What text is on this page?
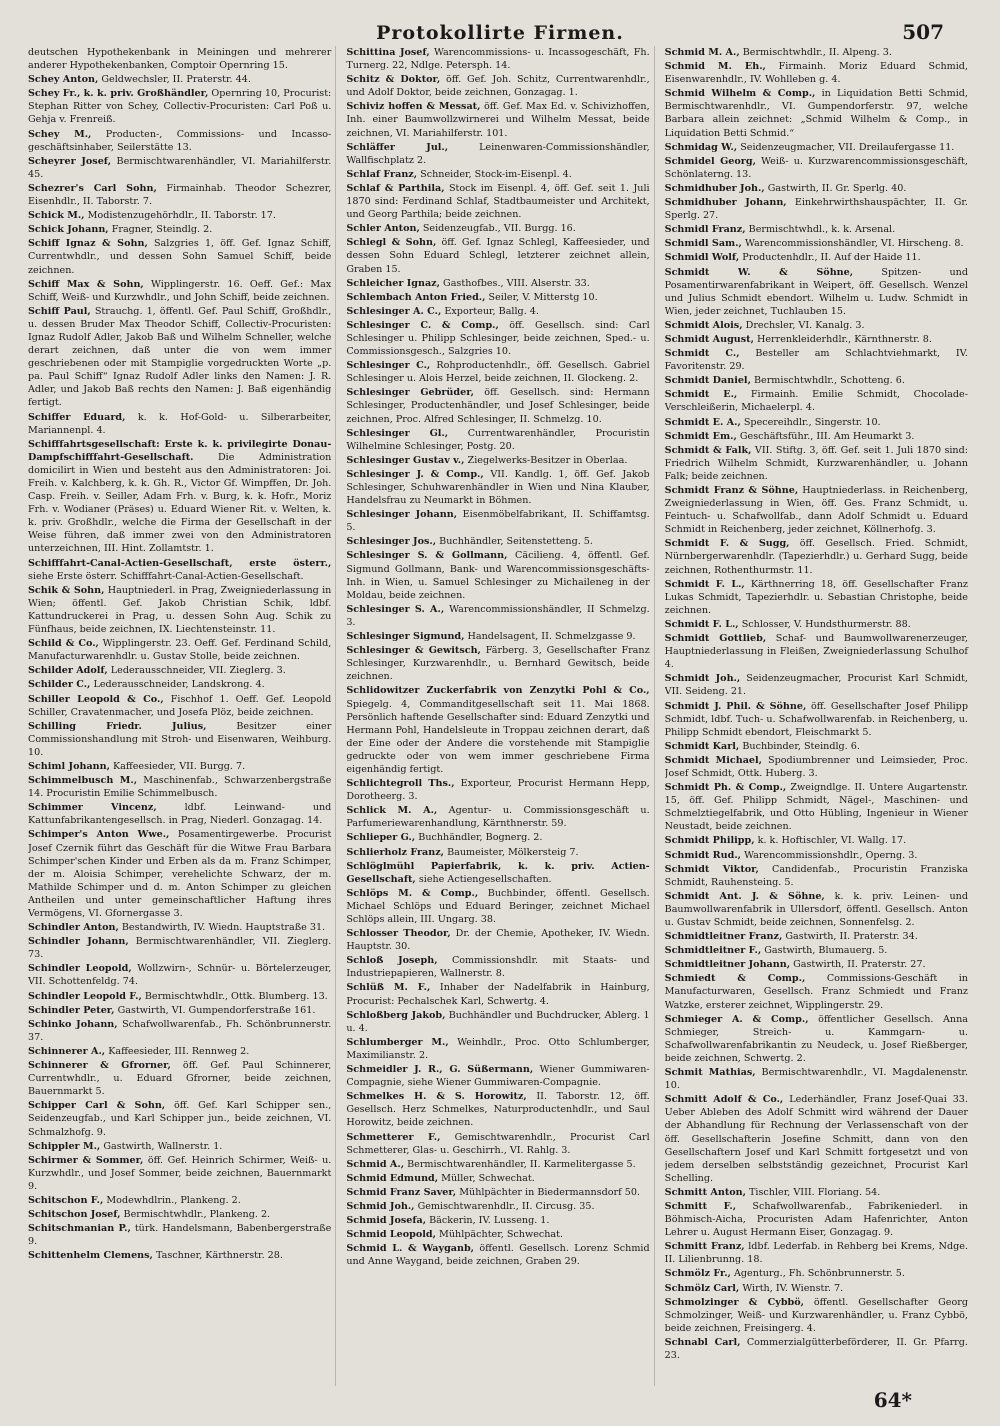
Protokollirte Firmen.	507

deutschen Hypothekenbank in Meiningen und mehrerer anderer Hypothekenbanken, Comptoir Opernring 15.

Schey Anton, Geldwechsler, II. Praterstr. 44.

Schey Fr., k. k. priv. Großhändler, Opernring 10, Procurist: Stephan Ritter von Schey, Collectiv-Procuristen: Carl Poß u. Gehja v. Frenreiß.

Schey M., Producten-, Commissions- und Incasso-geschäftsinhaber, Seilerstätte 13.

Scheyrer Josef, Bermischtwarenhändler, VI. Mariahilferstr. 45.

Schezrer's Carl Sohn, Firmainhab. Theodor Schezrer, Eisenhdlr., II. Taborstr. 7.

Schick M., Modistenzugehörhdlr., II. Taborstr. 17.

Schick Johann, Fragner, Steindlg. 2.

Schiff Ignaz & Sohn, Salzgries 1, öff. Gef. Ignaz Schiff, Currentwhdlr., und dessen Sohn Samuel Schiff, beide zeichnen.

Schiff Max & Sohn, Wipplingerstr. 16. Oeff. Gef.: Max Schiff, Weiß- und Kurzwhdlr., und John Schiff, beide zeichnen.

Schiff Paul, Strauchg. 1, öffentl. Gef. Paul Schiff, Großhdlr., u. dessen Bruder Max Theodor Schiff, Collectiv-Procuristen: Ignaz Rudolf Adler, Jakob Baß und Wilhelm Schneller, welche derart zeichnen, daß unter die von wem immer geschriebenen oder mit Stampiglie vorgedruckten Worte „p. pa. Paul Schiff“ Ignaz Rudolf Adler links den Namen: J. R. Adler, und Jakob Baß rechts den Namen: J. Baß eigenhändig fertigt.

Schiffer Eduard, k. k. Hof-Gold- u. Silberarbeiter, Mariannenpl. 4.

Schifffahrtsgesellschaft: Erste k. k. privilegirte Donau-Dampfschifffahrt-Gesellschaft.	Die Administration domicilirt in Wien und besteht aus den Administratoren: Joi. Freih. v. Kalchberg, k. k. Gh. R., Victor Gf. Wimpffen, Dr. Joh. Casp. Freih. v. Seiller, Adam Frh. v. Burg, k. k. Hofr., Moriz Frh. v. Wodianer (Präses) u. Eduard Wiener Rit. v. Welten, k. k. priv. Großhdlr., welche die Firma der Gesellschaft in der Weise führen, daß immer zwei von den Administratoren unterzeichnen, III. Hint. Zollamtstr. 1.

Schifffahrt-Canal-Actien-Gesellschaft, erste österr., siehe Erste österr. Schifffahrt-Canal-Actien-Gesellschaft.

Schik & Sohn, Hauptniederl. in Prag, Zweigniederlassung in Wien; öffentl. Gef. Jakob Christian Schik, ldbf. Kattundruckerei in Prag, u. dessen Sohn Aug. Schik zu Fünfhaus, beide zeichnen, IX. Liechtensteinstr. 11.

Schild & Co., Wipplingerstr. 23. Oeff. Gef. Ferdinand Schild, Manufacturwarenhdlr. u. Gustav Stolle, beide zeichnen.

Schilder Adolf, Lederausschneider, VII. Zieglerg. 3.

Schilder C., Lederausschneider, Landskrong. 4.

Schiller Leopold & Co., Fischhof 1. Oeff. Gef. Leopold Schiller, Cravatenmacher, und Josefa Plöz, beide zeichnen.

Schilling Friedr. Julius,	Besitzer einer Commissionshandlung mit Stroh- und Eisenwaren, Weihburg. 10.

Schiml Johann, Kaffeesieder, VII. Burgg. 7.

Schimmelbusch M., Maschinenfab., Schwarzenbergstraße 14. Procuristin Emilie Schimmelbusch.

Schimmer Vincenz,	ldbf. Leinwand- und Kattunfabrikantengesellsch. in Prag, Niederl. Gonzagag. 14.

Schimper's Anton Wwe., Posamentirgewerbe. Procurist Josef Czernik führt das Geschäft für die Witwe Frau Barbara Schimper'schen Kinder und Erben als da m. Franz Schimper, der m. Aloisia Schimper, verehelichte Schwarz, der m. Mathilde Schimper und d. m. Anton Schimper zu gleichen Antheilen und unter gemeinschaftlicher Haftung ihres Vermögens, VI. Gfornergasse 3.

Schindler Anton, Bestandwirth, IV. Wiedn. Hauptstraße 31.

Schindler Johann, Bermischtwarenhändler, VII. Zieglerg. 73.

Schindler Leopold, Wollzwirn-, Schnür- u. Börtelerzeuger, VII. Schottenfeldg. 74.

Schindler Leopold F., Bermischtwhdlr., Ottk. Blumberg. 13.

Schindler Peter, Gastwirth, VI. Gumpendorferstraße 161.

Schinko Johann, Schafwollwarenfab., Fh. Schönbrunnerstr. 37.

Schinnerer A., Kaffeesieder, III. Rennweg 2.

Schinnerer & Gfrorner, öff. Gef. Paul Schinnerer, Currentwhdlr., u. Eduard Gfrorner, beide zeichnen, Bauernmarkt 5.

Schipper Carl & Sohn, öff. Gef. Karl Schipper sen., Seidenzeugfab., und Karl Schipper jun., beide zeichnen, VI. Schmalzhofg. 9.

Schippler M., Gastwirth, Wallnerstr. 1.

Schirmer & Sommer, öff. Gef. Heinrich Schirmer, Weiß- u. Kurzwhdlr., und Josef Sommer, beide zeichnen, Bauernmarkt 9.

Schitschon F., Modewhdlrin., Plankeng. 2.

Schitschon Josef, Bermischtwhdlr., Plankeng. 2.

Schitschmanian P., türk. Handelsmann, Babenbergerstraße 9.

Schittenhelm Clemens, Taschner, Kärthnerstr. 28.

Schittina Josef, Warencommissions- u. Incassogeschäft, Fh. Turnerg. 22, Ndlge. Petersph. 14.

Schitz & Doktor, öff. Gef. Joh. Schitz, Currentwarenhdlr., und Adolf Doktor, beide zeichnen, Gonzagag. 1.

Schiviz hoffen & Messat, öff. Gef. Max Ed. v. Schivizhoffen, Inh. einer Baumwollzwirnerei und Wilhelm Messat, beide zeichnen, VI. Mariahilferstr. 101.

Schläffer Jul.,	Leinenwaren-Commissionshändler, Wallfischplatz 2.

Schlaf Franz, Schneider, Stock-im-Eisenpl. 4.

Schlaf & Parthila, Stock im Eisenpl. 4, öff. Gef. seit 1. Juli 1870 sind: Ferdinand Schlaf, Stadtbaumeister und Architekt, und Georg Parthila; beide zeichnen.

Schler Anton, Seidenzeugfab., VII. Burgg. 16.

Schlegl & Sohn, öff. Gef. Ignaz Schlegl, Kaffeesieder, und dessen Sohn Eduard Schlegl, letzterer zeichnet allein, Graben 15.

Schleicher Ignaz, Gasthofbes., VIII. Alserstr. 33.

Schlembach Anton Fried., Seiler, V. Mitterstg 10.

Schlesinger A. C., Exporteur, Ballg. 4.

Schlesinger C. & Comp., öff. Gesellsch. sind: Carl Schlesinger u. Philipp Schlesinger, beide zeichnen, Sped.- u. Commissionsgesch., Salzgries 10.

Schlesinger C., Rohproductenhdlr., öff. Gesellsch. Gabriel Schlesinger u. Alois Herzel, beide zeichnen, II. Glockeng. 2.

Schlesinger Gebrüder, öff. Gesellsch. sind: Hermann Schlesinger, Productenhändler, und Josef Schlesinger, beide zeichnen, Proc. Alfred Schlesinger, II. Schmelzg. 10.

Schlesinger Gl., Currentwarenhändler, Procuristin Wilhelmine Schlesinger, Postg. 20.

Schlesinger Gustav v., Ziegelwerks-Besitzer in Oberlaa.

Schlesinger J. & Comp., VII. Kandlg. 1, öff. Gef. Jakob Schlesinger, Schuhwarenhändler in Wien und Nina Klauber, Handelsfrau zu Neumarkt in Böhmen.

Schlesinger Johann, Eisenmöbelfabrikant, II. Schiffamtsg. 5.

Schlesinger Jos., Buchhändler, Seitenstetteng. 5.

Schlesinger S. & Gollmann, Cäcilieng. 4, öffentl. Gef. Sigmund Gollmann, Bank- und Warencommissionsgeschäfts-Inh. in Wien, u. Samuel Schlesinger zu Michaileneg in der Moldau, beide zeichnen.

Schlesinger S. A., Warencommissionshändler, II Schmelzg. 3.

Schlesinger Sigmund, Handelsagent, II. Schmelzgasse 9.

Schlesinger & Gewitsch, Färberg. 3, Gesellschafter Franz Schlesinger, Kurzwarenhdlr., u. Bernhard Gewitsch, beide zeichnen.

Schlidowitzer Zuckerfabrik von Zenzytki Pohl & Co., Spiegelg. 4, Commanditgesellschaft seit 11. Mai 1868. Persönlich haftende Gesellschafter sind: Eduard Zenzytki und Hermann Pohl, Handelsleute in Troppau zeichnen derart, daß der Eine oder der Andere die vorstehende mit Stampiglie gedruckte oder von wem immer geschriebene Firma eigenhändig fertigt.

Schlichtegroll Ths., Exporteur, Procurist Hermann Hepp, Dorotheerg. 3.

Schlick M. A., Agentur- u. Commissionsgeschäft u. Parfumeriewarenhandlung, Kärnthnerstr. 59.

Schlieper G., Buchhändler, Bognerg. 2.

Schlierholz Franz, Baumeister, Mölkersteig 7.

Schlöglmühl Papierfabrik, k. k. priv. Actien-Gesellschaft, siehe Actiengesellschaften.

Schlöps M. & Comp., Buchbinder, öffentl. Gesellsch. Michael Schlöps und Eduard Beringer, zeichnet Michael Schlöps allein, III. Ungarg. 38.

Schlosser Theodor, Dr. der Chemie, Apotheker, IV. Wiedn. Hauptstr. 30.

Schloß Joseph, Commissionshdlr. mit Staats- und Industriepapieren, Wallnerstr. 8.

Schlüß M. F., Inhaber der Nadelfabrik in Hainburg, Procurist: Pechalschek Karl, Schwertg. 4.

Schloßberg Jakob, Buchhändler und Buchdrucker, Ablerg. 1 u. 4.

Schlumberger M., Weinhdlr., Proc. Otto Schlumberger, Maximilianstr. 2.

Schmeidler J. R., G. Süßermann, Wiener Gummiwaren-Compagnie, siehe Wiener Gummiwaren-Compagnie.

Schmelkes H. & S. Horowitz, II. Taborstr. 12, öff. Gesellsch. Herz Schmelkes, Naturproductenhdlr., und Saul Horowitz, beide zeichnen.

Schmetterer F., Gemischtwarenhdlr., Procurist Carl Schmetterer, Glas- u. Geschirrh., VI. Rahlg. 3.

Schmid A., Bermischtwarenhändler, II. Karmelitergasse 5.

Schmid Edmund, Müller, Schwechat.

Schmid Franz Saver, Mühlpächter in Biedermannsdorf 50.

Schmid Joh., Gemischtwarenhdlr., II. Circusg. 35.

Schmid Josefa, Bäckerin, IV. Lusseng. 1.

Schmid Leopold, Mühlpächter, Schwechat.

Schmid L. & Wayganb, öffentl. Gesellsch. Lorenz Schmid und Anne Waygand, beide zeichnen, Graben 29.

Schmid M. A., Bermischtwhdlr., II. Alpeng. 3.

Schmid M. Eh., Firmainh. Moriz Eduard Schmid, Eisenwarenhdlr., IV. Wohlleben g. 4.

Schmid Wilhelm & Comp., in Liquidation Betti Schmid, Bermischtwarenhdlr., VI. Gumpendorferstr. 97, welche Barbara allein zeichnet: „Schmid Wilhelm & Comp., in Liquidation Betti Schmid.“

Schmidag W., Seidenzeugmacher, VII. Dreilaufergasse 11.

Schmidel Georg, Weiß- u. Kurzwarencommissionsgeschäft, Schönlaterng. 13.

Schmidhuber Joh., Gastwirth, II. Gr. Sperlg. 40.

Schmidhuber Johann, Einkehrwirthshauspächter, II. Gr. Sperlg. 27.

Schmidl Franz, Bermischtwhdl., k. k. Arsenal.

Schmidl Sam., Warencommissionshändler, VI. Hirscheng. 8.

Schmidl Wolf, Productenhdlr., II. Auf der Haide 11.

Schmidt W. & Söhne,	Spitzen- und Posamentirwarenfabrikant in Weipert, öff. Gesellsch. Wenzel und Julius Schmidt ebendort. Wilhelm u. Ludw. Schmidt in Wien, jeder zeichnet, Tuchlauben 15.

Schmidt Alois, Drechsler, VI. Kanalg. 3.

Schmidt August, Herrenkleiderhdlr., Kärnthnerstr. 8.

Schmidt C., Besteller am Schlachtviehmarkt, IV. Favoritenstr. 29.

Schmidt Daniel, Bermischtwhdlr., Schotteng. 6.

Schmidt E., Firmainh. Emilie Schmidt, Chocolade-Verschleißerin, Michaelerpl. 4.

Schmidt E. A., Specereihdlr., Singerstr. 10.

Schmidt Em., Geschäftsführ., III. Am Heumarkt 3.

Schmidt & Falk, VII. Stiftg. 3, öff. Gef. seit 1. Juli 1870 sind: Friedrich Wilhelm Schmidt, Kurzwarenhändler, u. Johann Falk; beide zeichnen.

Schmidt Franz & Söhne, Hauptniederlass. in Reichenberg, Zweigniederlassung in Wien, öff. Ges. Franz Schmidt, u. Feintuch- u. Schafwollfab., dann Adolf Schmidt u. Eduard Schmidt in Reichenberg, jeder zeichnet, Köllnerhofg. 3.

Schmidt F. & Sugg, öff. Gesellsch. Fried. Schmidt, Nürnbergerwarenhdlr. (Tapezierhdlr.) u. Gerhard Sugg, beide zeichnen, Rothenthurmstr. 11.

Schmidt F. L., Kärthnerring 18, öff. Gesellschafter Franz Lukas Schmidt, Tapezierhdlr. u. Sebastian Christophe, beide zeichnen.

Schmidt F. L., Schlosser, V. Hundsthurmerstr. 88.

Schmidt Gottlieb, Schaf- und Baumwollwarenerzeuger, Hauptniederlassung in Fleißen, Zweigniederlassung Schulhof 4.

Schmidt Joh., Seidenzeugmacher, Procurist Karl Schmidt, VII. Seideng. 21.

Schmidt J. Phil. & Söhne, öff. Gesellschafter Josef Philipp Schmidt, ldbf. Tuch- u. Schafwollwarenfab. in Reichenberg, u. Philipp Schmidt ebendort, Fleischmarkt 5.

Schmidt Karl, Buchbinder, Steindlg. 6.

Schmidt Michael, Spodiumbrenner und Leimsieder, Proc. Josef Schmidt, Ottk. Huberg. 3.

Schmidt Ph. & Comp., Zweigndlge. II. Untere Augartenstr. 15, öff. Gef. Philipp Schmidt, Nägel-, Maschinen- und Schmelztiegelfabrik, und Otto Hübling, Ingenieur in Wiener Neustadt, beide zeichnen.

Schmidt Philipp, k. k. Hoftischler, VI. Wallg. 17.

Schmidt Rud., Warencommissionshdlr., Operng. 3.

Schmidt Viktor, Candidenfab., Procuristin Franziska Schmidt, Rauhensteing. 5.

Schmidt Ant. J. & Söhne, k. k. priv. Leinen- und Baumwollwarenfabrik in Ullersdorf, öffentl. Gesellsch. Anton u. Gustav Schmidt, beide zeichnen, Sonnenfelsg. 2.

Schmidtleitner Franz, Gastwirth, II. Praterstr. 34.

Schmidtleitner F., Gastwirth, Blumauerg. 5.

Schmidtleitner Johann, Gastwirth, II. Praterstr. 27.

Schmiedt & Comp., Commissions-Geschäft in Manufacturwaren, Gesellsch. Franz Schmiedt und Franz Watzke, ersterer zeichnet, Wipplingerstr. 29.

Schmieger A. & Comp., öffentlicher Gesellsch. Anna Schmieger, Streich- u. Kammgarn- u. Schafwollwarenfabrikantin zu Neudeck, u. Josef Rießberger, beide zeichnen, Schwertg. 2.

Schmit Mathias, Bermischtwarenhdlr., VI. Magdalenenstr. 10.

Schmitt Adolf & Co., Lederhändler, Franz Josef-Quai 33. Ueber Ableben des Adolf Schmitt wird während der Dauer der Abhandlung für Rechnung der Verlassenschaft von der öff. Gesellschafterin Josefine Schmitt, dann von den Gesellschaftern Josef und Karl Schmitt fortgesetzt und von jedem derselben selbstständig gezeichnet, Procurist Karl Schelling.

Schmitt Anton, Tischler, VIII. Floriang. 54.

Schmitt F., Schafwollwarenfab., Fabrikeniederl. in Böhmisch-Aicha, Procuristen Adam Hafenrichter, Anton Lehrer u. August Hermann Eiser, Gonzagag. 9.

Schmitt Franz, ldbf. Lederfab. in Rehberg bei Krems, Ndge. II. Lilienbrunng. 18.

Schmölz Fr., Agenturg., Fh. Schönbrunnerstr. 5.

Schmölz Carl, Wirth, IV. Wienstr. 7.

Schmolzinger & Cybbö, öffentl. Gesellschafter Georg Schmolzinger, Weiß- und Kurzwarenhändler, u. Franz Cybbö, beide zeichnen, Freisingerg. 4.

Schnabl Carl, Commerzialgütterbeförderer, II. Gr. Pfarrg. 23.

64*
